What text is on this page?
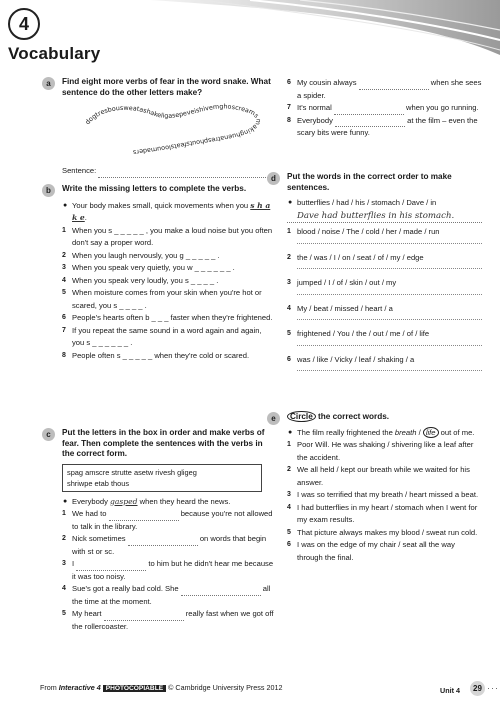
4
Vocabulary
a	Find eight more verbs of fear in the word snake. What sentence do the other letters make?
dogtresbousweatashakeligasepeveishivemghoscreamsmakinghuenatresphoutsfeatslooumaders
Sentence:
b	Write the missing letters to complete the verbs.
● Your body makes small, quick movements when you s h a k e.
1 When you s _ _ _ _ _ , you make a loud noise but you often don't say a proper word.
2 When you laugh nervously, you g _ _ _ _ _ .
3 When you speak very quietly, you w _ _ _ _ _ _ .
4 When you speak very loudly, you s _ _ _ _ .
5 When moisture comes from your skin when you're hot or scared, you s _ _ _ _ .
6 People's hearts often b _ _ _ faster when they're frightened.
7 If you repeat the same sound in a word again and again, you s _ _ _ _ _ _ .
8 People often s _ _ _ _ _ when they're cold or scared.
c	Put the letters in the box in order and make verbs of fear. Then complete the sentences with the verbs in the correct form.
spag amscre strutte asetw rivesh gligeg
shriwpe etab thous
● Everybody gasped when they heard the news.
1 We had to	because you're not allowed to talk in the library.
2 Nick sometimes	on words that begin with st or sc.
3 I	to him but he didn't hear me because it was too noisy.
4 Sue's got a really bad cold. She	all the time at the moment.
5 My heart	really fast when we got off the rollercoaster.
6 My cousin always	when she sees a spider.
7 It's normal	when you go running.
8 Everybody	at the film – even the scary bits were funny.
d	Put the words in the correct order to make sentences.
● butterflies / had / his / stomach / Dave / in
Dave had butterflies in his stomach.
1 blood / noise / The / cold / her / made / run
2 the / was / I / on / seat / of / my / edge
3 jumped / I / of / skin / out / my
4 My / beat / missed / heart / a
5 frightened / You / the / out / me / of / life
6 was / like / Vicky / leaf / shaking / a
e	Circle the correct words.
● The film really frightened the breath / life out of me.
1 Poor Will. He was shaking / shivering like a leaf after the accident.
2 We all held / kept our breath while we waited for his answer.
3 I was so terrified that my breath / heart missed a beat.
4 I had butterflies in my heart / stomach when I went for my exam results.
5 That picture always makes my blood / sweat run cold.
6 I was on the edge of my chair / seat all the way through the final.
From Interactive 4 PHOTOCOPIABLE © Cambridge University Press 2012	Unit 4	29 ···
